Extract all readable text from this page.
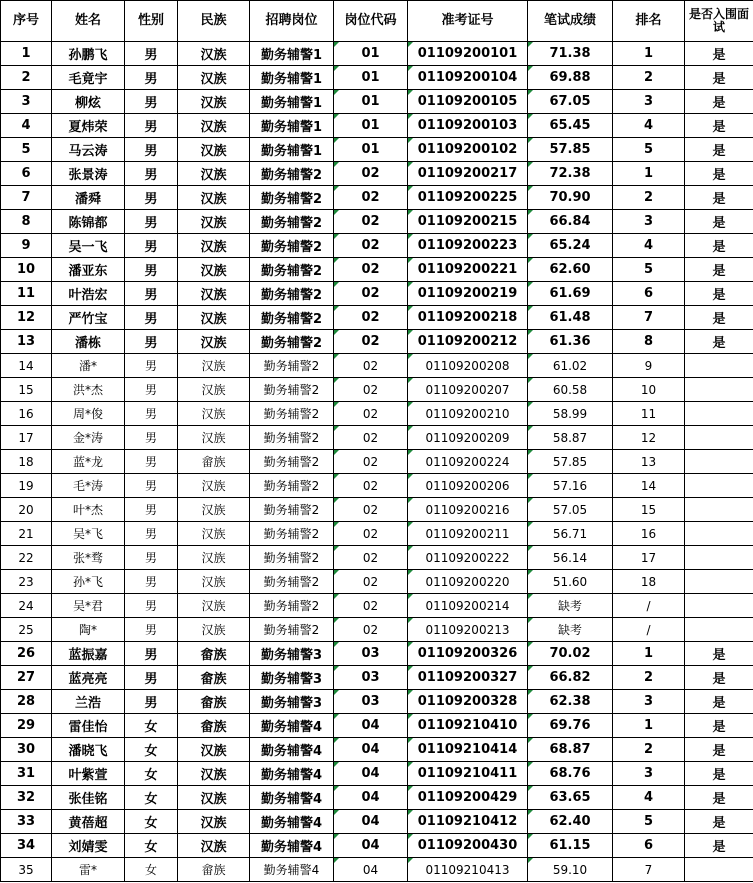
序号	姓名	性别	民族	招聘岗位	岗位代码	准考证号	笔试成绩	排名	是否入围面试
1	孙鹏飞	男	汉族	勤务辅警1	01	01109200101	71.38	1	是
2	毛竟宇	男	汉族	勤务辅警1	01	01109200104	69.88	2	是
3	柳炫	男	汉族	勤务辅警1	01	01109200105	67.05	3	是
4	夏炜荣	男	汉族	勤务辅警1	01	01109200103	65.45	4	是
5	马云涛	男	汉族	勤务辅警1	01	01109200102	57.85	5	是
6	张景涛	男	汉族	勤务辅警2	02	01109200217	72.38	1	是
7	潘舜	男	汉族	勤务辅警2	02	01109200225	70.90	2	是
8	陈锦都	男	汉族	勤务辅警2	02	01109200215	66.84	3	是
9	吴一飞	男	汉族	勤务辅警2	02	01109200223	65.24	4	是
10	潘亚东	男	汉族	勤务辅警2	02	01109200221	62.60	5	是
11	叶浩宏	男	汉族	勤务辅警2	02	01109200219	61.69	6	是
12	严竹宝	男	汉族	勤务辅警2	02	01109200218	61.48	7	是
13	潘栋	男	汉族	勤务辅警2	02	01109200212	61.36	8	是
14	潘*	男	汉族	勤务辅警2	02	01109200208	61.02	9	
15	洪*杰	男	汉族	勤务辅警2	02	01109200207	60.58	10	
16	周*俊	男	汉族	勤务辅警2	02	01109200210	58.99	11	
17	金*涛	男	汉族	勤务辅警2	02	01109200209	58.87	12	
18	蓝*龙	男	畲族	勤务辅警2	02	01109200224	57.85	13	
19	毛*涛	男	汉族	勤务辅警2	02	01109200206	57.16	14	
20	叶*杰	男	汉族	勤务辅警2	02	01109200216	57.05	15	
21	吴*飞	男	汉族	勤务辅警2	02	01109200211	56.71	16	
22	张*骛	男	汉族	勤务辅警2	02	01109200222	56.14	17	
23	孙*飞	男	汉族	勤务辅警2	02	01109200220	51.60	18	
24	吴*君	男	汉族	勤务辅警2	02	01109200214	缺考	/	
25	陶*	男	汉族	勤务辅警2	02	01109200213	缺考	/	
26	蓝振嘉	男	畲族	勤务辅警3	03	01109200326	70.02	1	是
27	蓝亮亮	男	畲族	勤务辅警3	03	01109200327	66.82	2	是
28	兰浩	男	畲族	勤务辅警3	03	01109200328	62.38	3	是
29	雷佳怡	女	畲族	勤务辅警4	04	01109210410	69.76	1	是
30	潘晓飞	女	汉族	勤务辅警4	04	01109210414	68.87	2	是
31	叶紫萱	女	汉族	勤务辅警4	04	01109210411	68.76	3	是
32	张佳铭	女	汉族	勤务辅警4	04	01109200429	63.65	4	是
33	黄蓓超	女	汉族	勤务辅警4	04	01109210412	62.40	5	是
34	刘婧雯	女	汉族	勤务辅警4	04	01109200430	61.15	6	是
35	雷*	女	畲族	勤务辅警4	04	01109210413	59.10	7	
